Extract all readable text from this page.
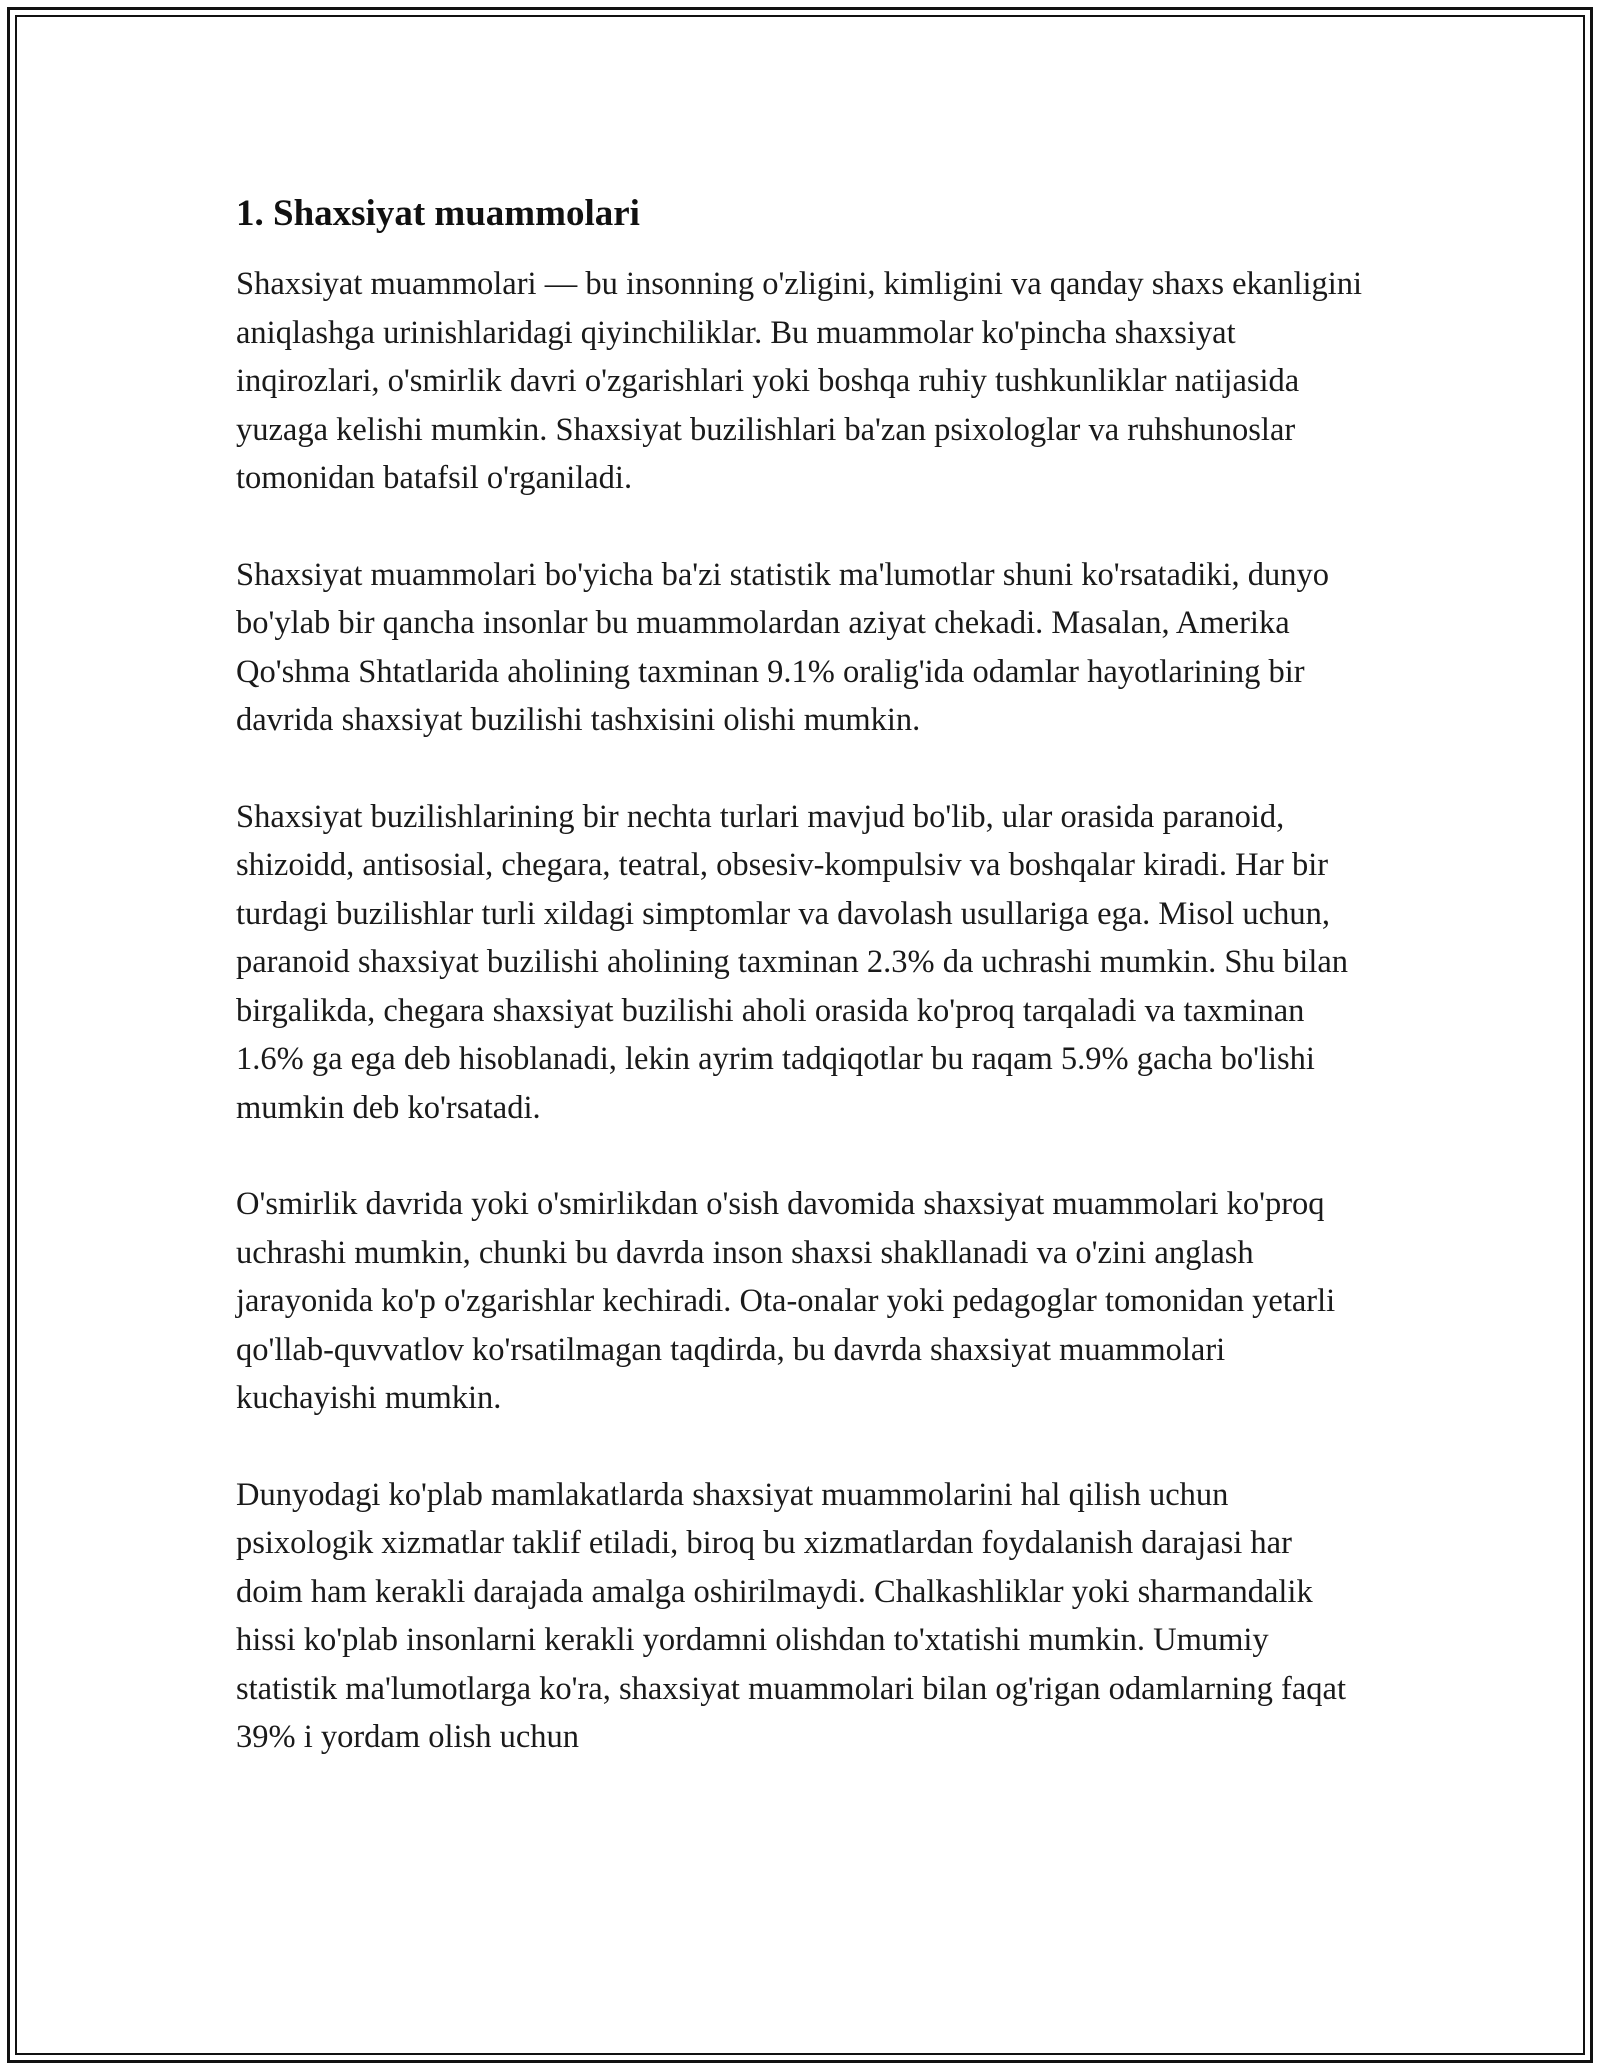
1. Shaxsiyat muammolari

Shaxsiyat muammolari — bu insonning o'zligini, kimligini va qanday shaxs ekanligini aniqlashga urinishlaridagi qiyinchiliklar. Bu muammolar ko'pincha shaxsiyat inqirozlari, o'smirlik davri o'zgarishlari yoki boshqa ruhiy tushkunliklar natijasida yuzaga kelishi mumkin. Shaxsiyat buzilishlari ba'zan psixologlar va ruhshunoslar tomonidan batafsil o'rganiladi.

Shaxsiyat muammolari bo'yicha ba'zi statistik ma'lumotlar shuni ko'rsatadiki, dunyo bo'ylab bir qancha insonlar bu muammolardan aziyat chekadi. Masalan, Amerika Qo'shma Shtatlarida aholining taxminan 9.1% oralig'ida odamlar hayotlarining bir davrida shaxsiyat buzilishi tashxisini olishi mumkin.

Shaxsiyat buzilishlarining bir nechta turlari mavjud bo'lib, ular orasida paranoid, shizoidd, antisosial, chegara, teatral, obsesiv-kompulsiv va boshqalar kiradi. Har bir turdagi buzilishlar turli xildagi simptomlar va davolash usullariga ega. Misol uchun, paranoid shaxsiyat buzilishi aholining taxminan 2.3% da uchrashi mumkin. Shu bilan birgalikda, chegara shaxsiyat buzilishi aholi orasida ko'proq tarqaladi va taxminan 1.6% ga ega deb hisoblanadi, lekin ayrim tadqiqotlar bu raqam 5.9% gacha bo'lishi mumkin deb ko'rsatadi.

O'smirlik davrida yoki o'smirlikdan o'sish davomida shaxsiyat muammolari ko'proq uchrashi mumkin, chunki bu davrda inson shaxsi shakllanadi va o'zini anglash jarayonida ko'p o'zgarishlar kechiradi. Ota-onalar yoki pedagoglar tomonidan yetarli qo'llab-quvvatlov ko'rsatilmagan taqdirda, bu davrda shaxsiyat muammolari kuchayishi mumkin.

Dunyodagi ko'plab mamlakatlarda shaxsiyat muammolarini hal qilish uchun psixologik xizmatlar taklif etiladi, biroq bu xizmatlardan foydalanish darajasi har doim ham kerakli darajada amalga oshirilmaydi. Chalkashliklar yoki sharmandalik hissi ko'plab insonlarni kerakli yordamni olishdan to'xtatishi mumkin. Umumiy statistik ma'lumotlarga ko'ra, shaxsiyat muammolari bilan og'rigan odamlarning faqat 39% i yordam olish uchun
